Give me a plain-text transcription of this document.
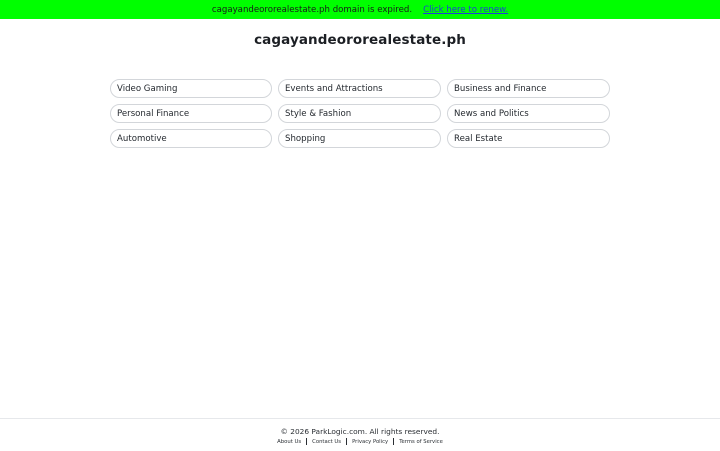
cagayandeororealestate.ph domain is expired. Click here to renew.
cagayandeororealestate.ph
Video Gaming	Events and Attractions	Business and Finance
Personal Finance	Style & Fashion	News and Politics
Automotive	Shopping	Real Estate
© 2026 ParkLogic.com. All rights reserved.
About Us Contact Us Privacy Policy Terms of Service
